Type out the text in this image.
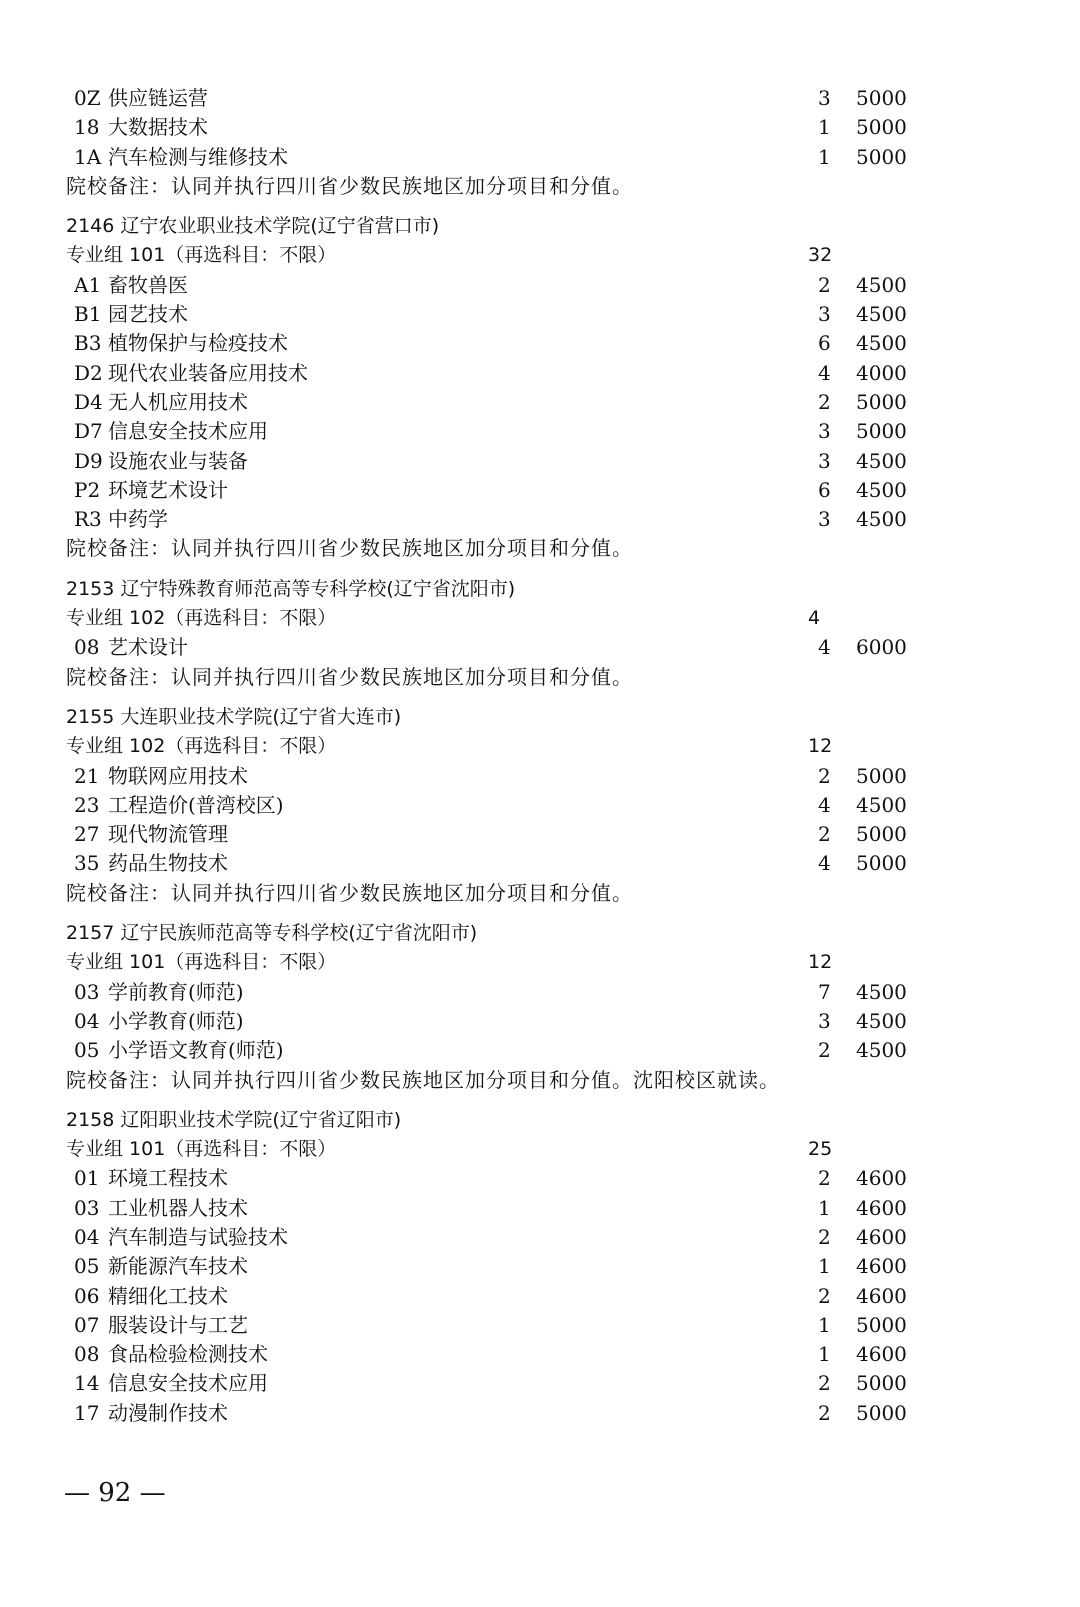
0Z 供应链运营	3 5000
18 大数据技术	1 5000
1A 汽车检测与维修技术	1 5000
院校备注：认同并执行四川省少数民族地区加分项目和分值。
2146 辽宁农业职业技术学院(辽宁省营口市)
专业组 101（再选科目：不限）	32
A1 畜牧兽医	2 4500
B1 园艺技术	3 4500
B3 植物保护与检疫技术	6 4500
D2 现代农业装备应用技术	4 4000
D4 无人机应用技术	2 5000
D7 信息安全技术应用	3 5000
D9 设施农业与装备	3 4500
P2 环境艺术设计	6 4500
R3 中药学	3 4500
院校备注：认同并执行四川省少数民族地区加分项目和分值。
2153 辽宁特殊教育师范高等专科学校(辽宁省沈阳市)
专业组 102（再选科目：不限）	4
08 艺术设计	4 6000
院校备注：认同并执行四川省少数民族地区加分项目和分值。
2155 大连职业技术学院(辽宁省大连市)
专业组 102（再选科目：不限）	12
21 物联网应用技术	2 5000
23 工程造价(普湾校区)	4 4500
27 现代物流管理	2 5000
35 药品生物技术	4 5000
院校备注：认同并执行四川省少数民族地区加分项目和分值。
2157 辽宁民族师范高等专科学校(辽宁省沈阳市)
专业组 101（再选科目：不限）	12
03 学前教育(师范)	7 4500
04 小学教育(师范)	3 4500
05 小学语文教育(师范)	2 4500
院校备注：认同并执行四川省少数民族地区加分项目和分值。沈阳校区就读。
2158 辽阳职业技术学院(辽宁省辽阳市)
专业组 101（再选科目：不限）	25
01 环境工程技术	2 4600
03 工业机器人技术	1 4600
04 汽车制造与试验技术	2 4600
05 新能源汽车技术	1 4600
06 精细化工技术	2 4600
07 服装设计与工艺	1 5000
08 食品检验检测技术	1 4600
14 信息安全技术应用	2 5000
17 动漫制作技术	2 5000
— 92 —
